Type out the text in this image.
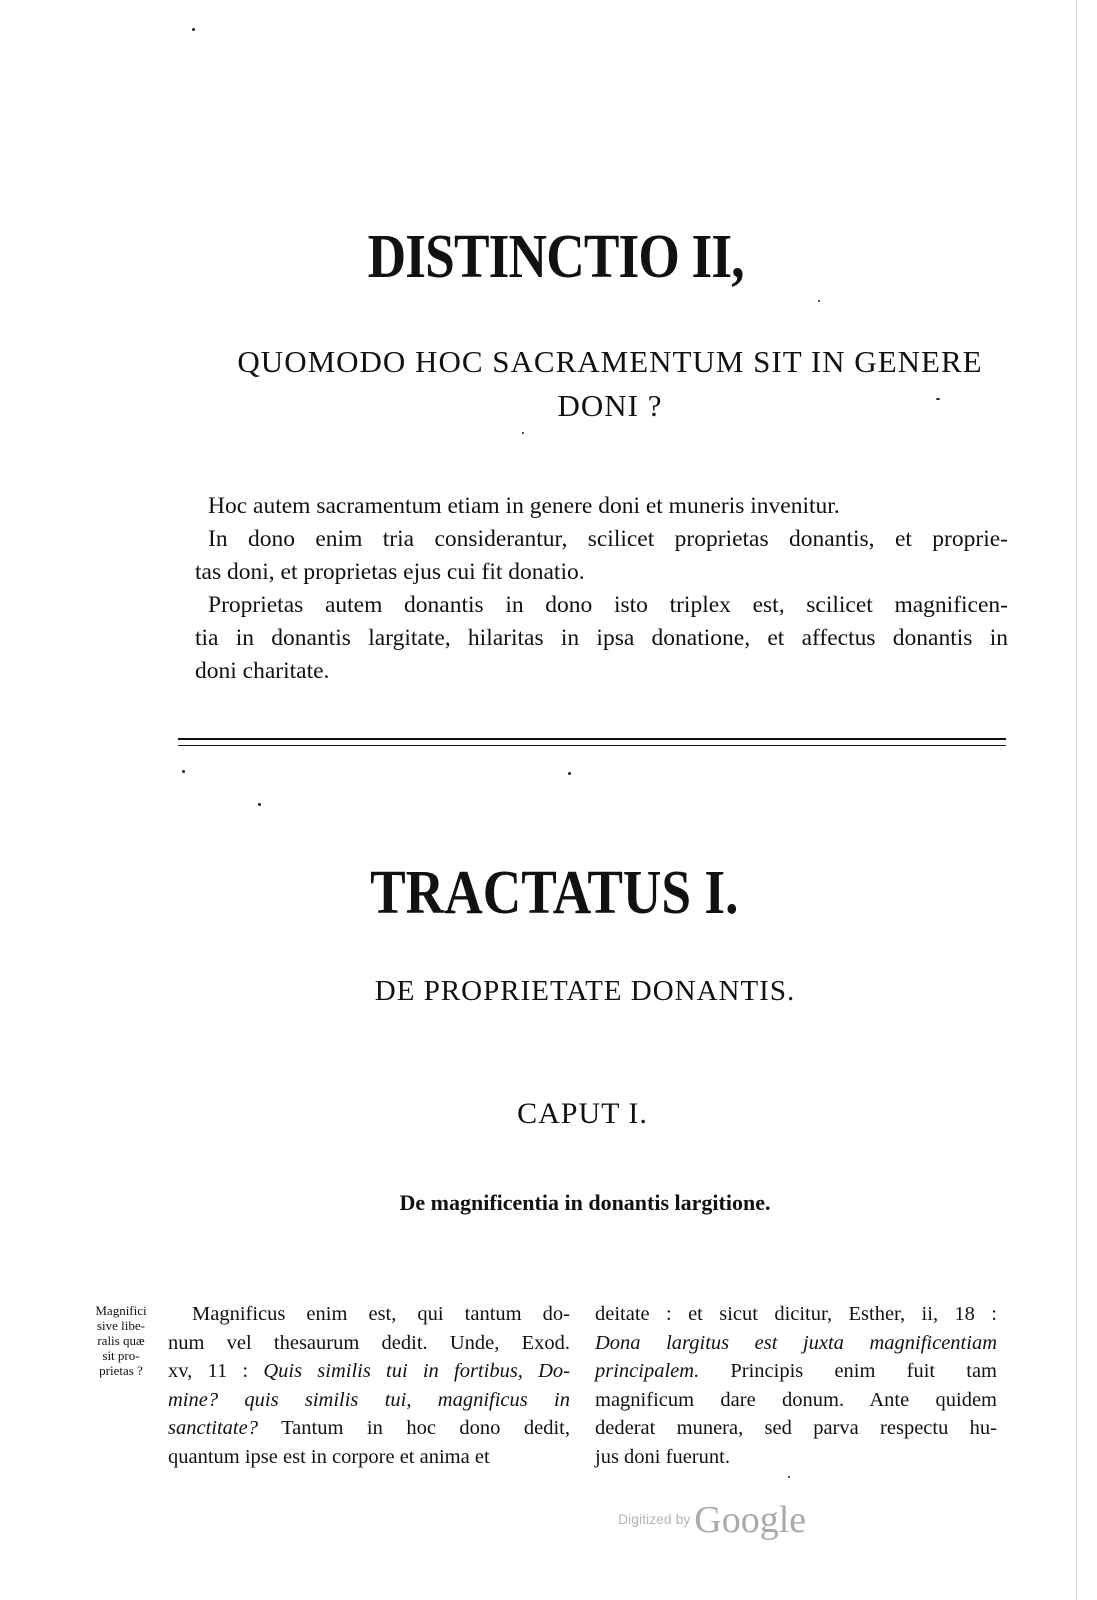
DISTINCTIO II,
QUOMODO HOC SACRAMENTUM SIT IN GENERE
DONI ?

Hoc autem sacramentum etiam in genere doni et muneris invenitur.

In dono enim tria considerantur, scilicet proprietas donantis, et proprie-

tas doni, et proprietas ejus cui fit donatio.

Proprietas autem donantis in dono isto triplex est, scilicet magnificen-

tia in donantis largitate, hilaritas in ipsa donatione, et affectus donantis in

doni charitate.

TRACTATUS I.
DE PROPRIETATE DONANTIS.
CAPUT I.
De magnificentia in donantis largitione.
Magnifici
sive libe-
ralis quæ
sit pro-
prietas ?
Magnificus enim est, qui tantum do-
num vel thesaurum dedit. Unde, Exod.
xv, 11 : Quis similis tui in fortibus, Do-
mine? quis similis tui, magnificus in
sanctitate? Tantum in hoc dono dedit,
quantum ipse est in corpore et anima et
deitate : et sicut dicitur, Esther, ii, 18 :
Dona largitus est juxta magnificentiam
principalem. Principis enim fuit tam
magnificum dare donum. Ante quidem
dederat munera, sed parva respectu hu-
jus doni fuerunt.
Digitized by Google
